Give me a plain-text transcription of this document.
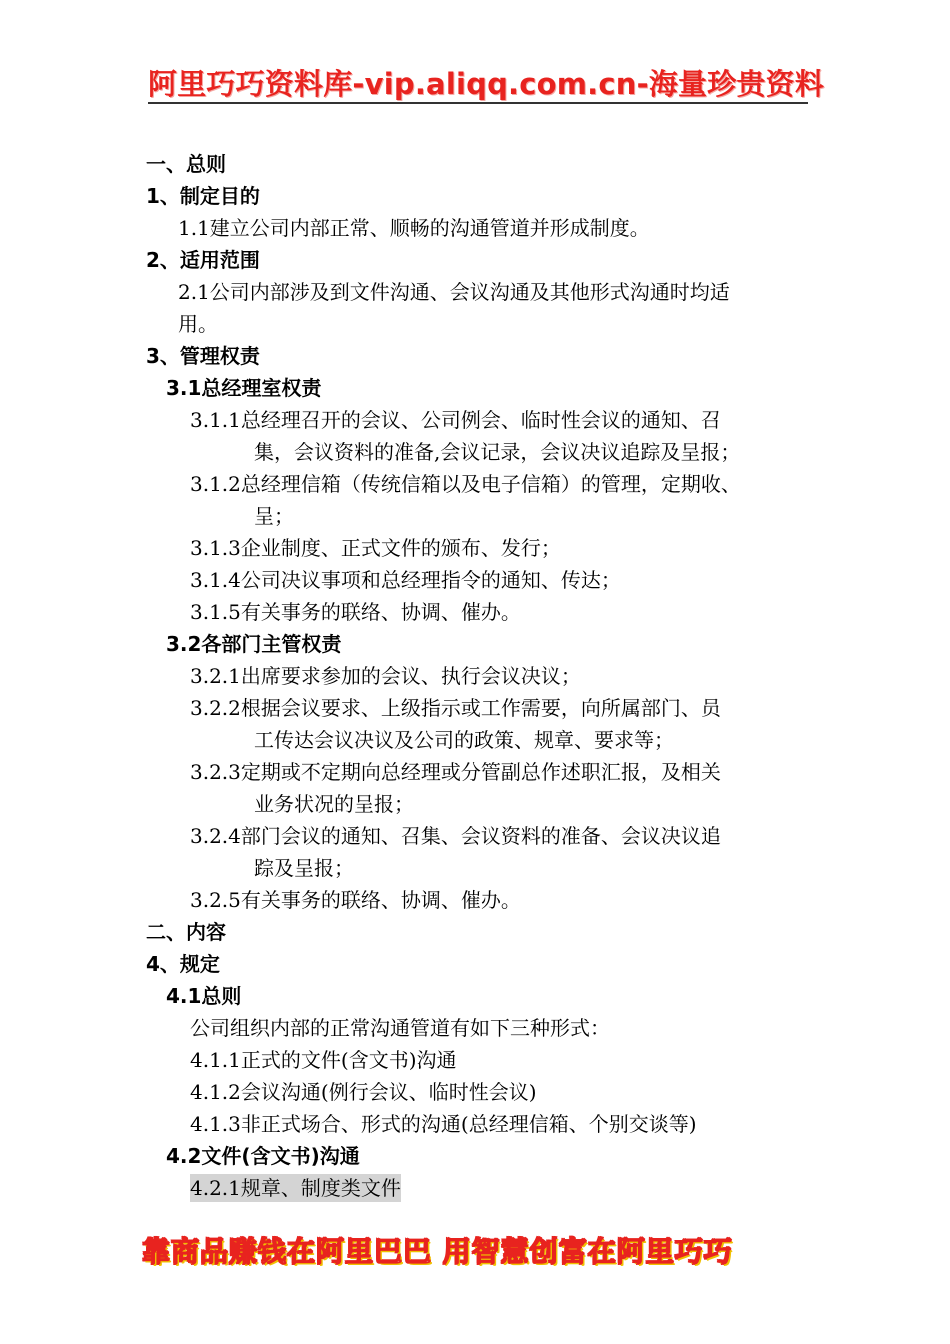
阿里巧巧资料库-vip.aliqq.com.cn-海量珍贵资料
一、总则
1、制定目的
1.1建立公司内部正常、顺畅的沟通管道并形成制度。
2、适用范围
2.1公司内部涉及到文件沟通、会议沟通及其他形式沟通时均适
用。
3、管理权责
3.1总经理室权责
3.1.1总经理召开的会议、公司例会、临时性会议的通知、召
集，会议资料的准备,会议记录，会议决议追踪及呈报；
3.1.2总经理信箱（传统信箱以及电子信箱）的管理，定期收、
呈；
3.1.3企业制度、正式文件的颁布、发行；
3.1.4公司决议事项和总经理指令的通知、传达；
3.1.5有关事务的联络、协调、催办。
3.2各部门主管权责
3.2.1出席要求参加的会议、执行会议决议；
3.2.2根据会议要求、上级指示或工作需要，向所属部门、员
工传达会议决议及公司的政策、规章、要求等；
3.2.3定期或不定期向总经理或分管副总作述职汇报，及相关
业务状况的呈报；
3.2.4部门会议的通知、召集、会议资料的准备、会议决议追
踪及呈报；
3.2.5有关事务的联络、协调、催办。
二、内容
4、规定
4.1总则
公司组织内部的正常沟通管道有如下三种形式：
4.1.1正式的文件(含文书)沟通
4.1.2会议沟通(例行会议、临时性会议)
4.1.3非正式场合、形式的沟通(总经理信箱、个别交谈等)
4.2文件(含文书)沟通
4.2.1规章、制度类文件
靠商品赚钱在阿里巴巴 用智慧创富在阿里巧巧
